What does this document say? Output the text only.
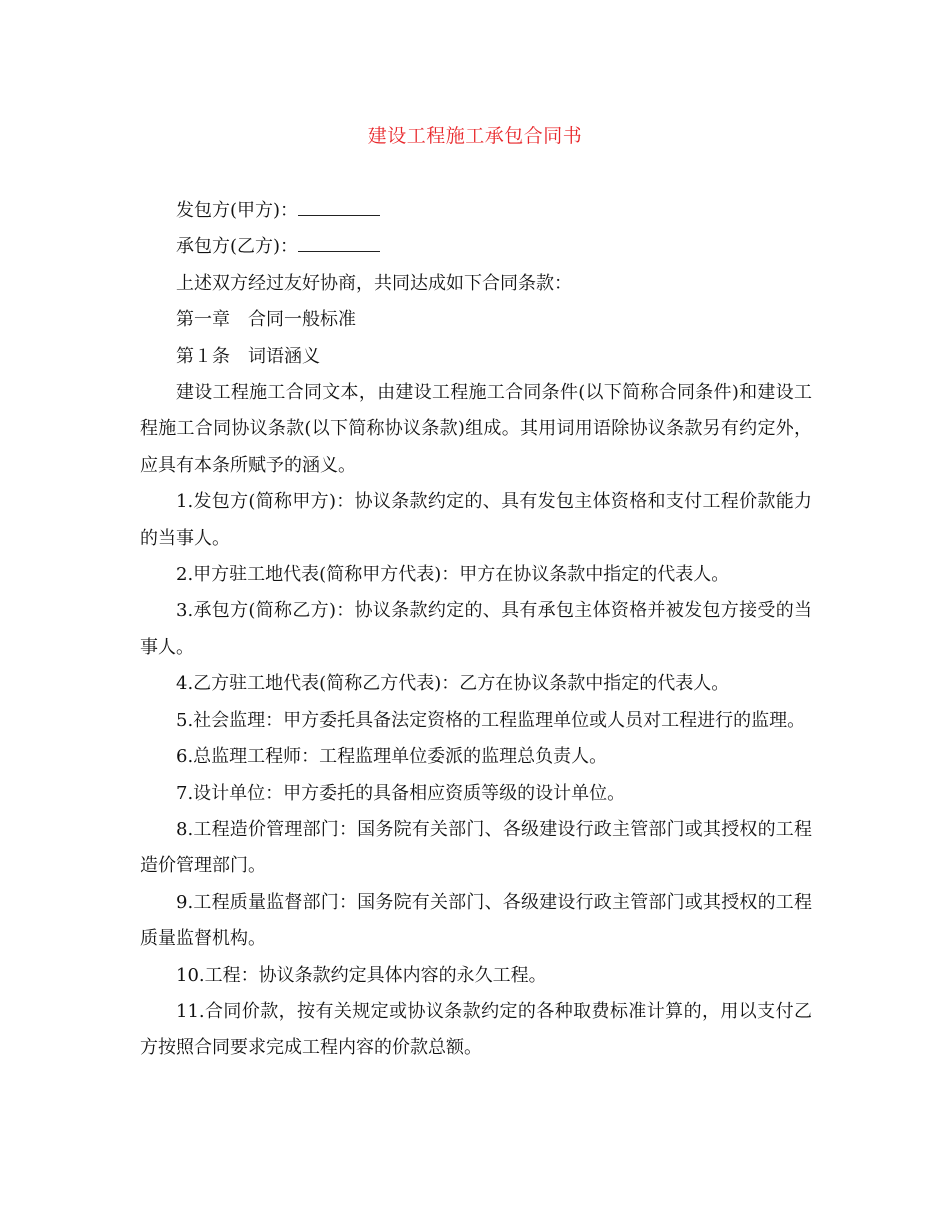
建设工程施工承包合同书

发包方(甲方)：

承包方(乙方)：

上述双方经过友好协商，共同达成如下合同条款：

第一章　合同一般标准

第１条　词语涵义

建设工程施工合同文本，由建设工程施工合同条件(以下简称合同条件)和建设工程施工合同协议条款(以下简称协议条款)组成。其用词用语除协议条款另有约定外，应具有本条所赋予的涵义。

1.发包方(简称甲方)：协议条款约定的、具有发包主体资格和支付工程价款能力的当事人。

2.甲方驻工地代表(简称甲方代表)：甲方在协议条款中指定的代表人。

3.承包方(简称乙方)：协议条款约定的、具有承包主体资格并被发包方接受的当事人。

4.乙方驻工地代表(简称乙方代表)：乙方在协议条款中指定的代表人。

5.社会监理：甲方委托具备法定资格的工程监理单位或人员对工程进行的监理。

6.总监理工程师：工程监理单位委派的监理总负责人。

7.设计单位：甲方委托的具备相应资质等级的设计单位。

8.工程造价管理部门：国务院有关部门、各级建设行政主管部门或其授权的工程造价管理部门。

9.工程质量监督部门：国务院有关部门、各级建设行政主管部门或其授权的工程质量监督机构。

10.工程：协议条款约定具体内容的永久工程。

11.合同价款，按有关规定或协议条款约定的各种取费标准计算的，用以支付乙方按照合同要求完成工程内容的价款总额。
